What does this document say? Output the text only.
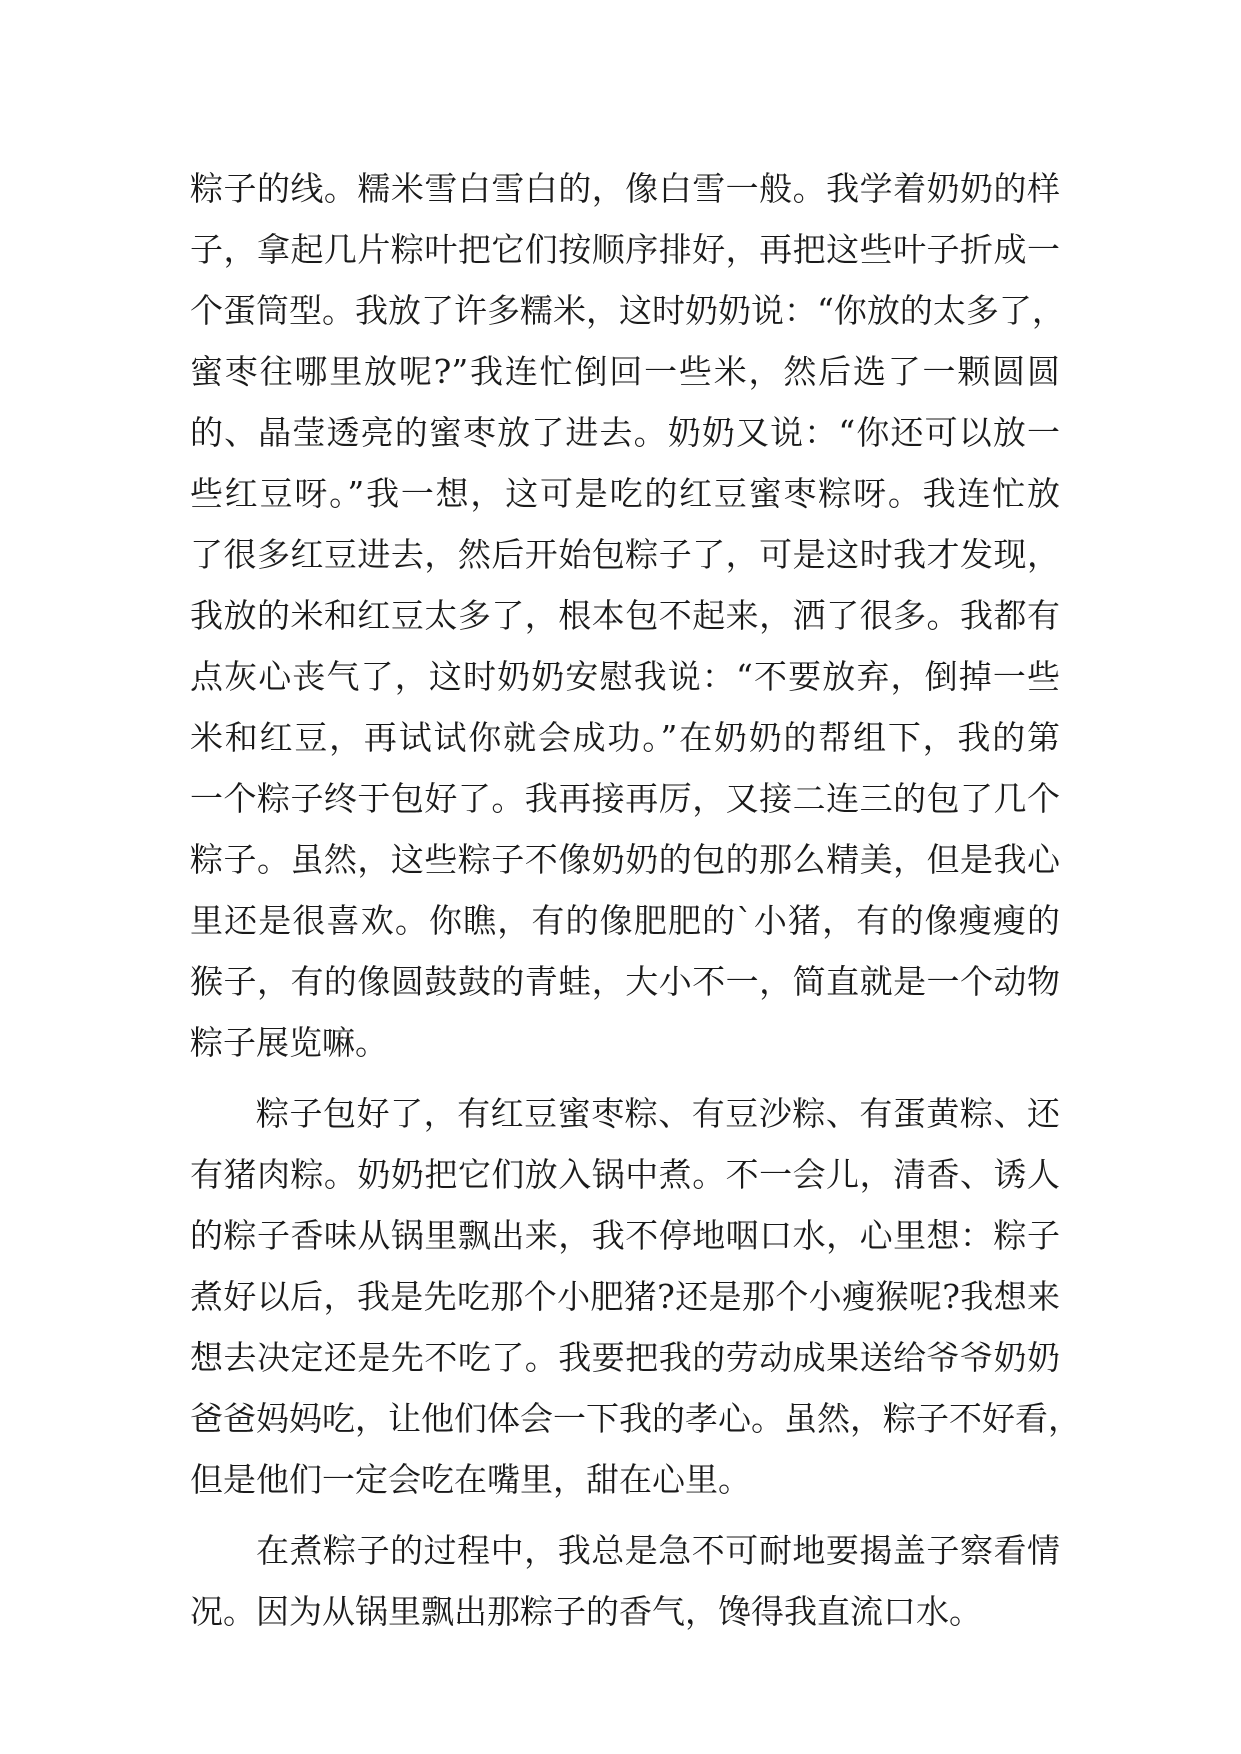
粽子的线。糯米雪白雪白的，像白雪一般。我学着奶奶的样
子，拿起几片粽叶把它们按顺序排好，再把这些叶子折成一
个蛋筒型。我放了许多糯米，这时奶奶说：“你放的太多了，
蜜枣往哪里放呢?”我连忙倒回一些米，然后选了一颗圆圆
的、晶莹透亮的蜜枣放了进去。奶奶又说：“你还可以放一
些红豆呀。”我一想，这可是吃的红豆蜜枣粽呀。我连忙放
了很多红豆进去，然后开始包粽子了，可是这时我才发现，
我放的米和红豆太多了，根本包不起来，洒了很多。我都有
点灰心丧气了，这时奶奶安慰我说：“不要放弃，倒掉一些
米和红豆，再试试你就会成功。”在奶奶的帮组下，我的第
一个粽子终于包好了。我再接再厉，又接二连三的包了几个
粽子。虽然，这些粽子不像奶奶的包的那么精美，但是我心
里还是很喜欢。你瞧，有的像肥肥的`小猪，有的像瘦瘦的
猴子，有的像圆鼓鼓的青蛙，大小不一，简直就是一个动物
粽子展览嘛。
粽子包好了，有红豆蜜枣粽、有豆沙粽、有蛋黄粽、还
有猪肉粽。奶奶把它们放入锅中煮。不一会儿，清香、诱人
的粽子香味从锅里飘出来，我不停地咽口水，心里想：粽子
煮好以后，我是先吃那个小肥猪?还是那个小瘦猴呢?我想来
想去决定还是先不吃了。我要把我的劳动成果送给爷爷奶奶
爸爸妈妈吃，让他们体会一下我的孝心。虽然，粽子不好看，
但是他们一定会吃在嘴里，甜在心里。
在煮粽子的过程中，我总是急不可耐地要揭盖子察看情
况。因为从锅里飘出那粽子的香气，馋得我直流口水。
